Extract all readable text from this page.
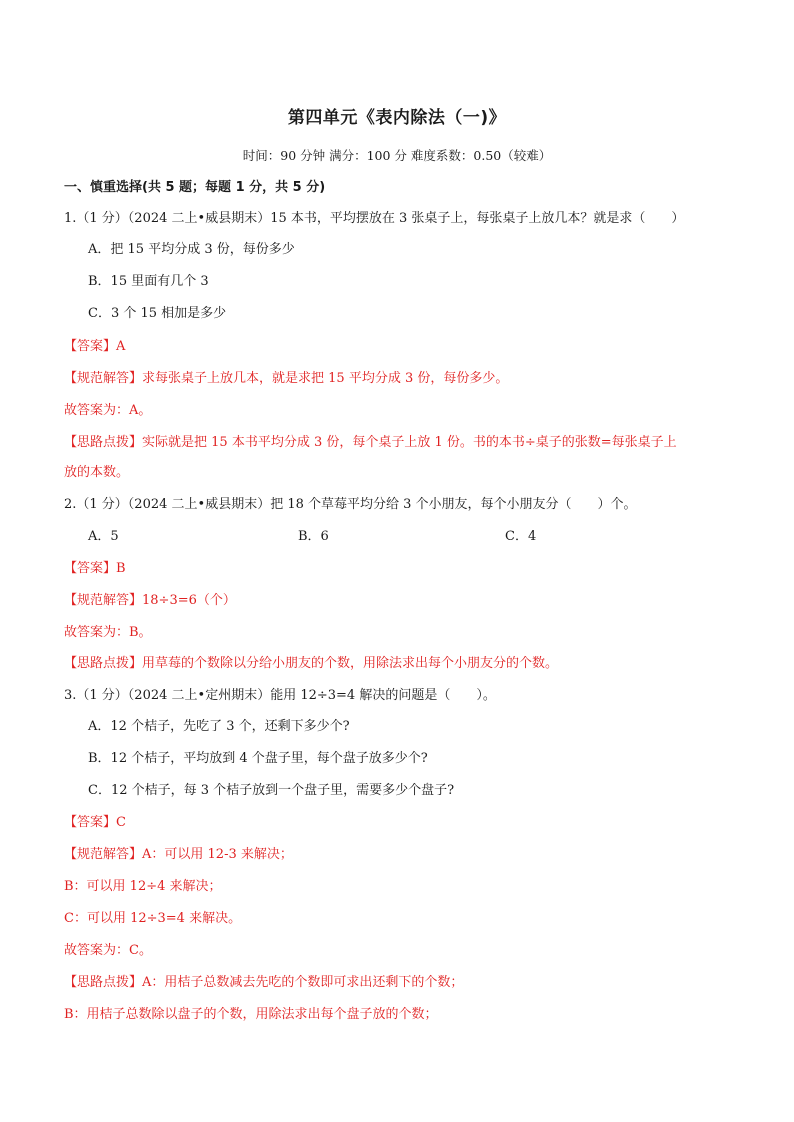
第四单元《表内除法（一)》
时间：90 分钟 满分：100 分 难度系数：0.50（较难）
一、慎重选择(共 5 题；每题 1 分，共 5 分)
1.（1 分）（2024 二上•威县期末）15 本书，平均摆放在 3 张桌子上，每张桌子上放几本？就是求（　　）
A．把 15 平均分成 3 份，每份多少
B．15 里面有几个 3
C．3 个 15 相加是多少
【答案】A
【规范解答】求每张桌子上放几本，就是求把 15 平均分成 3 份，每份多少。
故答案为：A。
【思路点拨】实际就是把 15 本书平均分成 3 份，每个桌子上放 1 份。书的本书÷桌子的张数=每张桌子上
放的本数。
2.（1 分）（2024 二上•威县期末）把 18 个草莓平均分给 3 个小朋友，每个小朋友分（　　）个。
A．5	B．6	C．4
【答案】B
【规范解答】18÷3=6（个）
故答案为：B。
【思路点拨】用草莓的个数除以分给小朋友的个数，用除法求出每个小朋友分的个数。
3.（1 分）（2024 二上•定州期末）能用 12÷3=4 解决的问题是（　　）。
A．12 个桔子，先吃了 3 个，还剩下多少个?
B．12 个桔子，平均放到 4 个盘子里，每个盘子放多少个?
C．12 个桔子，每 3 个桔子放到一个盘子里，需要多少个盘子?
【答案】C
【规范解答】A：可以用 12-3 来解决；
B：可以用 12÷4 来解决；
C：可以用 12÷3=4 来解决。
故答案为：C。
【思路点拨】A：用桔子总数减去先吃的个数即可求出还剩下的个数；
B：用桔子总数除以盘子的个数，用除法求出每个盘子放的个数；
